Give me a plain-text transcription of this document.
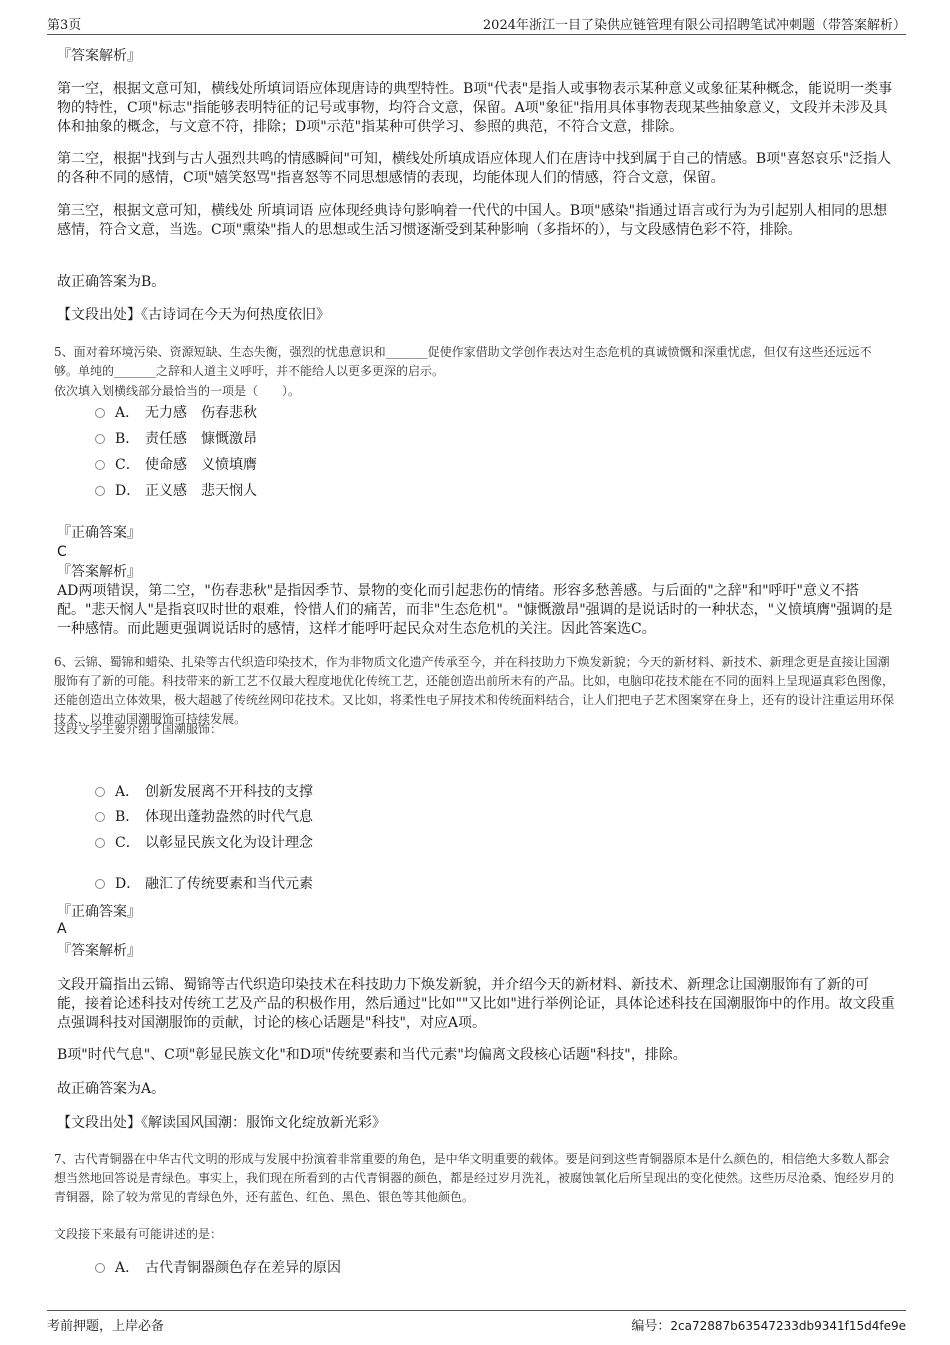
第3页	2024年浙江一目了染供应链管理有限公司招聘笔试冲刺题（带答案解析）
『答案解析』

第一空，根据文意可知，横线处所填词语应体现唐诗的典型特性。B项"代表"是指人或事物表示某种意义或象征某种概念，能说明一类事物的特性，C项"标志"指能够表明特征的记号或事物，均符合文意，保留。A项"象征"指用具体事物表现某些抽象意义，文段并未涉及具体和抽象的概念，与文意不符，排除；D项"示范"指某种可供学习、参照的典范，不符合文意，排除。

第二空，根据"找到与古人强烈共鸣的情感瞬间"可知，横线处所填成语应体现人们在唐诗中找到属于自己的情感。B项"喜怒哀乐"泛指人的各种不同的感情，C项"嬉笑怒骂"指喜怒等不同思想感情的表现，均能体现人们的情感，符合文意，保留。

第三空，根据文意可知，横线处 所填词语 应体现经典诗句影响着一代代的中国人。B项"感染"指通过语言或行为为引起别人相同的思想感情，符合文意，当选。C项"熏染"指人的思想或生活习惯逐渐受到某种影响（多指坏的），与文段感情色彩不符，排除。

故正确答案为B。

【文段出处】《古诗词在今天为何热度依旧》

5、面对着环境污染、资源短缺、生态失衡，强烈的忧患意识和_______促使作家借助文学创作表达对生态危机的真诚愤慨和深重忧虑，但仅有这些还远远不够。单纯的_______之辞和人道主义呼吁，并不能给人以更多更深的启示。

依次填入划横线部分最恰当的一项是（　　）。

A． 无力感　伤春悲秋
B． 责任感　慷慨激昂
C． 使命感　义愤填膺
D． 正义感　悲天悯人
『正确答案』
C
『答案解析』

AD两项错误，第二空，"伤春悲秋"是指因季节、景物的变化而引起悲伤的情绪。形容多愁善感。与后面的"之辞"和"呼吁"意义不搭配。"悲天悯人"是指哀叹时世的艰难，怜惜人们的痛苦，而非"生态危机"。"慷慨激昂"强调的是说话时的一种状态，"义愤填膺"强调的是一种感情。而此题更强调说话时的感情，这样才能呼吁起民众对生态危机的关注。因此答案选C。

6、云锦、蜀锦和蜡染、扎染等古代织造印染技术，作为非物质文化遗产传承至今，并在科技助力下焕发新貌；今天的新材料、新技术、新理念更是直接让国潮服饰有了新的可能。科技带来的新工艺不仅最大程度地优化传统工艺，还能创造出前所未有的产品。比如，电脑印花技术能在不同的面料上呈现逼真彩色图像，还能创造出立体效果，极大超越了传统丝网印花技术。又比如，将柔性电子屏技术和传统面料结合，让人们把电子艺术图案穿在身上，还有的设计注重运用环保技术，以推动国潮服饰可持续发展。

这段文字主要介绍了国潮服饰：

A． 创新发展离不开科技的支撑
B． 体现出蓬勃盎然的时代气息
C． 以彰显民族文化为设计理念
D． 融汇了传统要素和当代元素
『正确答案』
A
『答案解析』

文段开篇指出云锦、蜀锦等古代织造印染技术在科技助力下焕发新貌，并介绍今天的新材料、新技术、新理念让国潮服饰有了新的可能，接着论述科技对传统工艺及产品的积极作用，然后通过"比如""又比如"进行举例论证，具体论述科技在国潮服饰中的作用。故文段重点强调科技对国潮服饰的贡献，讨论的核心话题是"科技"，对应A项。

B项"时代气息"、C项"彰显民族文化"和D项"传统要素和当代元素"均偏离文段核心话题"科技"，排除。

故正确答案为A。

【文段出处】《解读国风国潮：服饰文化绽放新光彩》

7、古代青铜器在中华古代文明的形成与发展中扮演着非常重要的角色，是中华文明重要的载体。要是问到这些青铜器原本是什么颜色的，相信绝大多数人都会想当然地回答说是青绿色。事实上，我们现在所看到的古代青铜器的颜色，都是经过岁月洗礼，被腐蚀氧化后所呈现出的变化使然。这些历尽沧桑、饱经岁月的青铜器，除了较为常见的青绿色外，还有蓝色、红色、黑色、银色等其他颜色。

文段接下来最有可能讲述的是：

A． 古代青铜器颜色存在差异的原因
考前押题，上岸必备	编号：2ca72887b63547233db9341f15d4fe9e
